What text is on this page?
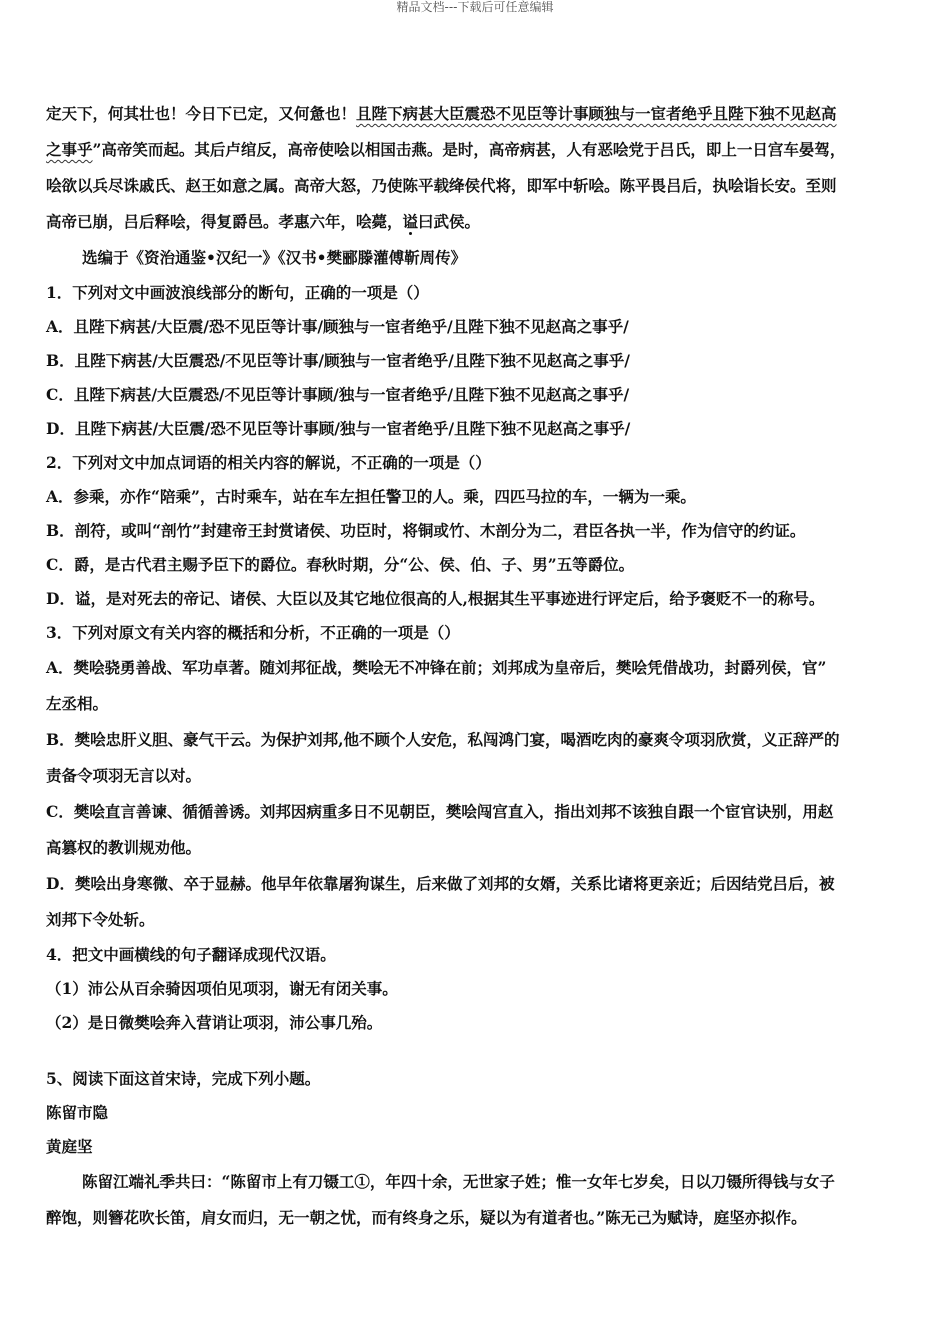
精品文档---下载后可任意编辑

定天下，何其壮也！今日下已定，又何惫也！且陛下病甚大臣震恐不见臣等计事顾独与一宦者绝乎且陛下独不见赵高

之事乎”高帝笑而起。其后卢绾反，高帝使哙以相国击燕。是时，高帝病甚，人有恶哙党于吕氏，即上一日宫车晏驾，

哙欲以兵尽诛戚氏、赵王如意之属。高帝大怒，乃使陈平载绛侯代将，即军中斩哙。陈平畏吕后，执哙诣长安。至则

高帝已崩，吕后释哙，得复爵邑。孝惠六年，哙薨，谥曰武侯。

选编于《资治通鉴•汉纪一》《汉书•樊郦滕灌傅靳周传》

1．下列对文中画波浪线部分的断句，正确的一项是（）

A．且陛下病甚/大臣震/恐不见臣等计事/顾独与一宦者绝乎/且陛下独不见赵高之事乎/

B．且陛下病甚/大臣震恐/不见臣等计事/顾独与一宦者绝乎/且陛下独不见赵高之事乎/

C．且陛下病甚/大臣震恐/不见臣等计事顾/独与一宦者绝乎/且陛下独不见赵高之事乎/

D．且陛下病甚/大臣震/恐不见臣等计事顾/独与一宦者绝乎/且陛下独不见赵高之事乎/

2．下列对文中加点词语的相关内容的解说，不正确的一项是（）

A．参乘，亦作“陪乘”，古时乘车，站在车左担任警卫的人。乘，四匹马拉的车，一辆为一乘。

B．剖符，或叫“剖竹”封建帝王封赏诸侯、功臣时，将铜或竹、木剖分为二，君臣各执一半，作为信守的约证。

C．爵，是古代君主赐予臣下的爵位。春秋时期，分“公、侯、伯、子、男”五等爵位。

D．谥，是对死去的帝记、诸侯、大臣以及其它地位很高的人,根据其生平事迹进行评定后，给予褒贬不一的称号。

3．下列对原文有关内容的概括和分析，不正确的一项是（）

A．樊哙骁勇善战、军功卓著。随刘邦征战，樊哙无不冲锋在前；刘邦成为皇帝后，樊哙凭借战功，封爵列侯，官”

左丞相。

B．樊哙忠肝义胆、豪气干云。为保护刘邦,他不顾个人安危，私闯鸿门宴，喝酒吃肉的豪爽令项羽欣赏，义正辞严的

责备令项羽无言以对。

C．樊哙直言善谏、循循善诱。刘邦因病重多日不见朝臣，樊哙闯宫直入，指出刘邦不该独自跟一个宦官诀别，用赵

高篡权的教训规劝他。

D．樊哙出身寒微、卒于显赫。他早年依靠屠狗谋生，后来做了刘邦的女婿，关系比诸将更亲近；后因结党吕后，被

刘邦下令处斩。

4．把文中画横线的句子翻译成现代汉语。

（1）沛公从百余骑因项伯见项羽，谢无有闭关事。

（2）是日微樊哙奔入营诮让项羽，沛公事几殆。

5、阅读下面这首宋诗，完成下列小题。

陈留市隐

黄庭坚

陈留江端礼季共曰：“陈留市上有刀镊工①，年四十余，无世家子姓；惟一女年七岁矣，日以刀镊所得钱与女子

醉饱，则簪花吹长笛，肩女而归，无一朝之忧，而有终身之乐，疑以为有道者也。”陈无己为赋诗，庭坚亦拟作。
